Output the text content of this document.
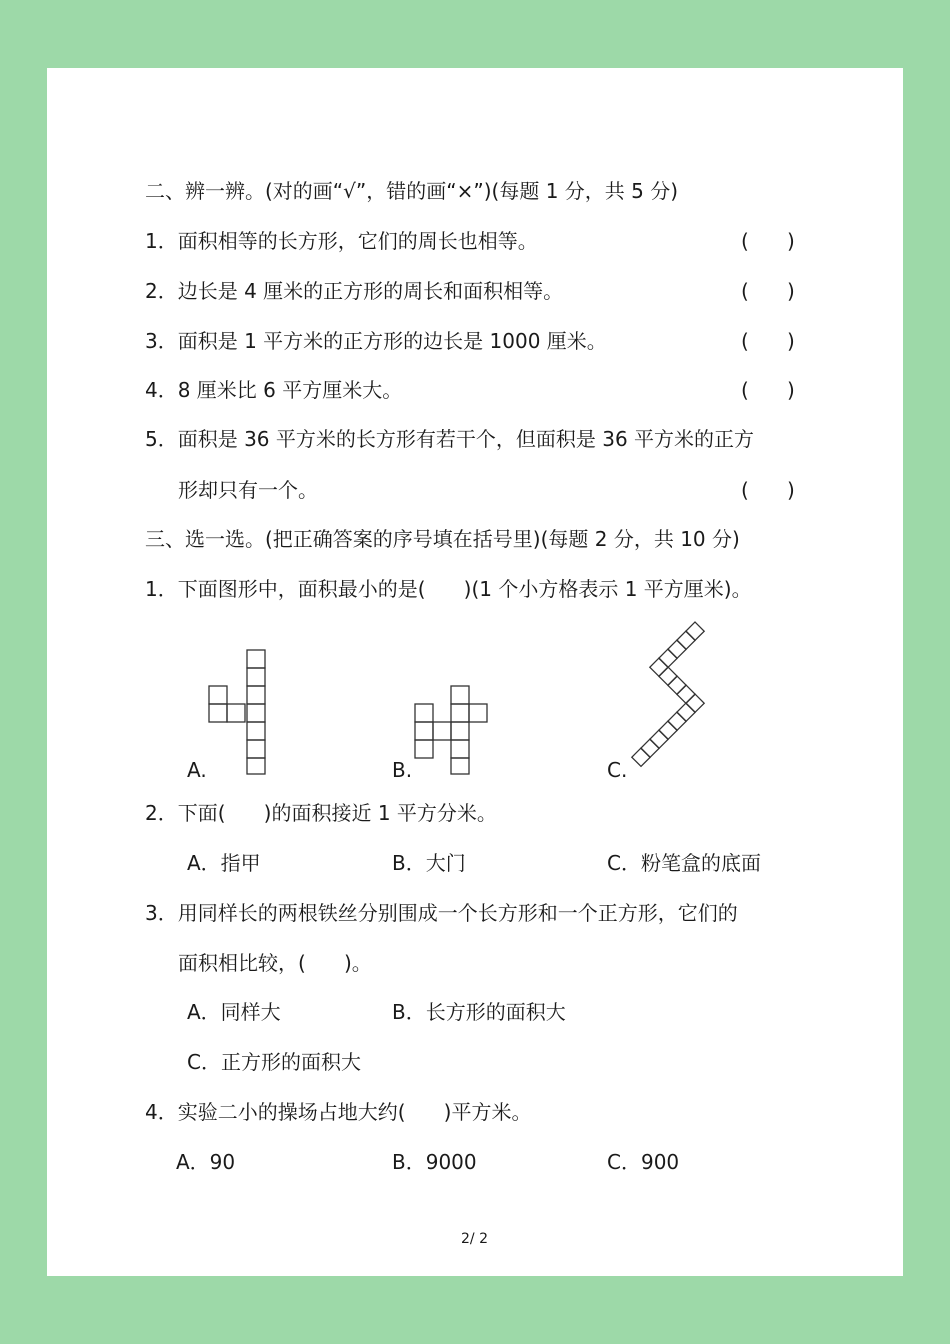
二、辨一辨。(对的画“√”，错的画“×”)(每题 1 分，共 5 分)
1．面积相等的长方形，它们的周长也相等。	(      )
2．边长是 4 厘米的正方形的周长和面积相等。	(      )
3．面积是 1 平方米的正方形的边长是 1000 厘米。	(      )
4．8 厘米比 6 平方厘米大。	(      )
5．面积是 36 平方米的长方形有若干个，但面积是 36 平方米的正方
形却只有一个。	(      )
三、选一选。(把正确答案的序号填在括号里)(每题 2 分，共 10 分)
1．下面图形中，面积最小的是(      )(1 个小方格表示 1 平方厘米)。
A.	B.	C.
2．下面(      )的面积接近 1 平方分米。
A．指甲	B．大门	C．粉笔盒的底面
3．用同样长的两根铁丝分别围成一个长方形和一个正方形，它们的
面积相比较，(      )。
A．同样大	B．长方形的面积大
C．正方形的面积大
4．实验二小的操场占地大约(      )平方米。
A．90	B．9000	C．900
2/ 2
